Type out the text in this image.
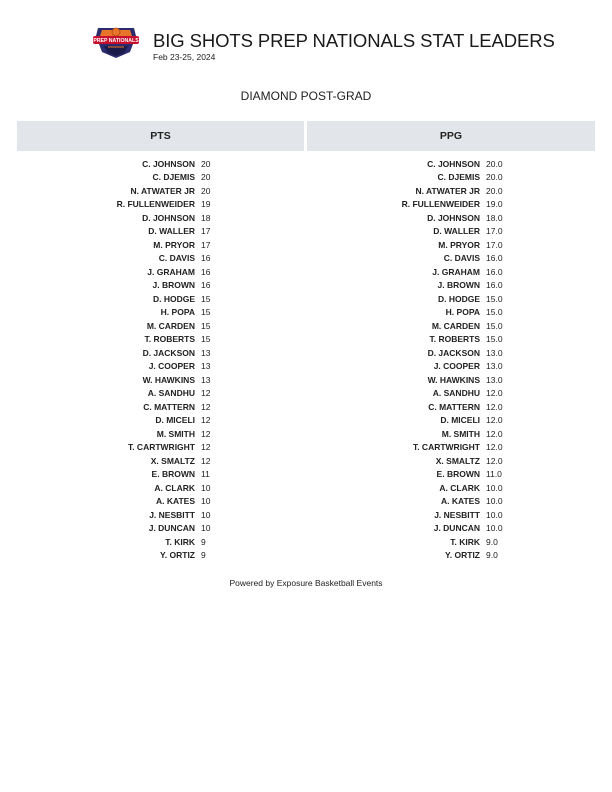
PREP NATIONALS BIG SHOTS PREP NATIONALS STAT LEADERS
Feb 23-25, 2024
DIAMOND POST-GRAD
PTS	PPG
C. JOHNSON 20
C. DJEMIS 20
N. ATWATER JR 20
R. FULLENWEIDER 19
D. JOHNSON 18
D. WALLER 17
M. PRYOR 17
C. DAVIS 16
J. GRAHAM 16
J. BROWN 16
D. HODGE 15
H. POPA 15
M. CARDEN 15
T. ROBERTS 15
D. JACKSON 13
J. COOPER 13
W. HAWKINS 13
A. SANDHU 12
C. MATTERN 12
D. MICELI 12
M. SMITH 12
T. CARTWRIGHT 12
X. SMALTZ 12
E. BROWN 11
A. CLARK 10
A. KATES 10
J. NESBITT 10
J. DUNCAN 10
T. KIRK 9
Y. ORTIZ 9
C. JOHNSON 20.0
C. DJEMIS 20.0
N. ATWATER JR 20.0
R. FULLENWEIDER 19.0
D. JOHNSON 18.0
D. WALLER 17.0
M. PRYOR 17.0
C. DAVIS 16.0
J. GRAHAM 16.0
J. BROWN 16.0
D. HODGE 15.0
H. POPA 15.0
M. CARDEN 15.0
T. ROBERTS 15.0
D. JACKSON 13.0
J. COOPER 13.0
W. HAWKINS 13.0
A. SANDHU 12.0
C. MATTERN 12.0
D. MICELI 12.0
M. SMITH 12.0
T. CARTWRIGHT 12.0
X. SMALTZ 12.0
E. BROWN 11.0
A. CLARK 10.0
A. KATES 10.0
J. NESBITT 10.0
J. DUNCAN 10.0
T. KIRK 9.0
Y. ORTIZ 9.0
Powered by Exposure Basketball Events
